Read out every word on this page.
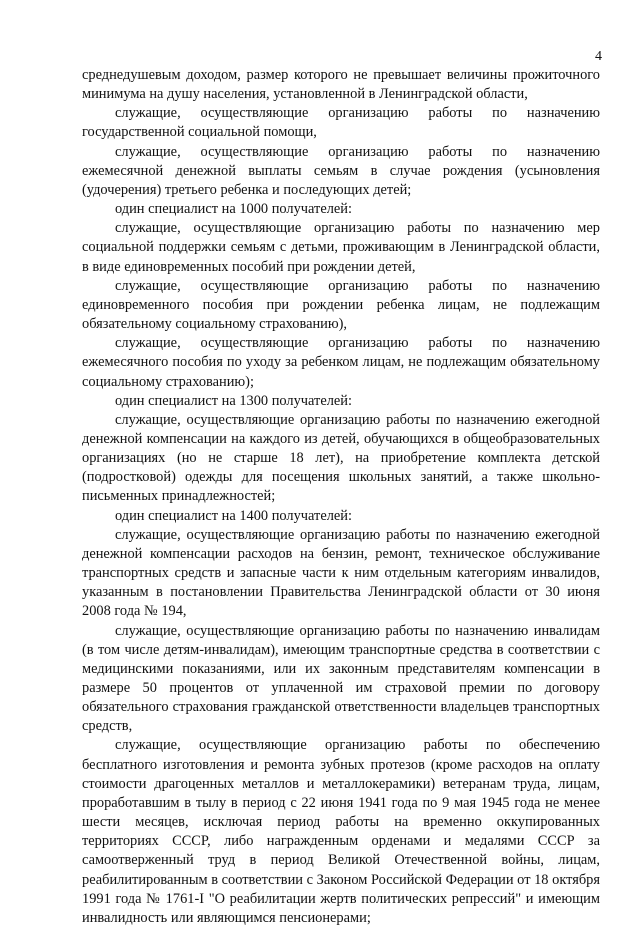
4

среднедушевым доходом, размер которого не превышает величины прожиточного минимума на душу населения, установленной в Ленинградской области,

служащие, осуществляющие организацию работы по назначению государственной социальной помощи,

служащие, осуществляющие организацию работы по назначению ежемесячной денежной выплаты семьям в случае рождения (усыновления (удочерения) третьего ребенка и последующих детей;

один специалист на 1000 получателей:

служащие, осуществляющие организацию работы по назначению мер социальной поддержки семьям с детьми, проживающим в Ленинградской области, в виде единовременных пособий при рождении детей,

служащие, осуществляющие организацию работы по назначению единовременного пособия при рождении ребенка лицам, не подлежащим обязательному социальному страхованию),

служащие, осуществляющие организацию работы по назначению ежемесячного пособия по уходу за ребенком лицам, не подлежащим обязательному социальному страхованию);

один специалист на 1300 получателей:

служащие, осуществляющие организацию работы по назначению ежегодной денежной компенсации на каждого из детей, обучающихся в общеобразовательных организациях (но не старше 18 лет), на приобретение комплекта детской (подростковой) одежды для посещения школьных занятий, а также школьно-письменных принадлежностей;

один специалист на 1400 получателей:

служащие, осуществляющие организацию работы по назначению ежегодной денежной компенсации расходов на бензин, ремонт, техническое обслуживание транспортных средств и запасные части к ним отдельным категориям инвалидов, указанным в постановлении Правительства Ленинградской области от 30 июня 2008 года № 194,

служащие, осуществляющие организацию работы по назначению инвалидам (в том числе детям-инвалидам), имеющим транспортные средства в соответствии с медицинскими показаниями, или их законным представителям компенсации в размере 50 процентов от уплаченной им страховой премии по договору обязательного страхования гражданской ответственности владельцев транспортных средств,

служащие, осуществляющие организацию работы по обеспечению бесплатного изготовления и ремонта зубных протезов (кроме расходов на оплату стоимости драгоценных металлов и металлокерамики) ветеранам труда, лицам, проработавшим в тылу в период с 22 июня 1941 года по 9 мая 1945 года не менее шести месяцев, исключая период работы на временно оккупированных территориях СССР, либо награжденным орденами и медалями СССР за самоотверженный труд в период Великой Отечественной войны, лицам, реабилитированным в соответствии с Законом Российской Федерации от 18 октября 1991 года № 1761-I "О реабилитации жертв политических репрессий" и имеющим инвалидность или являющимся пенсионерами;
